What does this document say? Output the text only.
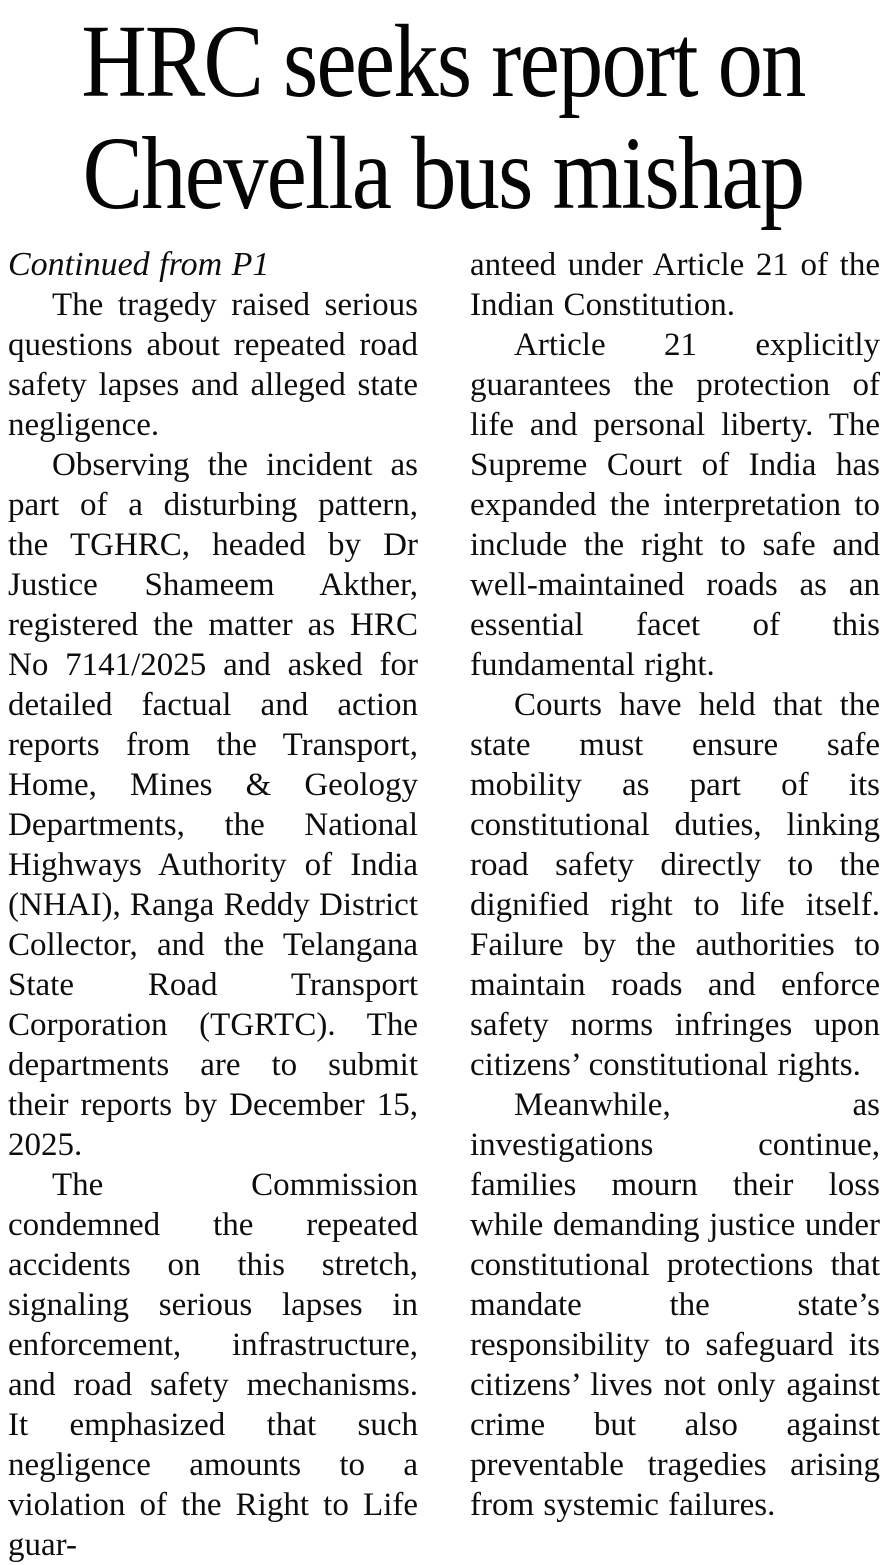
HRC seeks report on
Chevella bus mishap

Continued from P1

The tragedy raised serious questions about repeated road safety lapses and alleged state negligence.

Observing the incident as part of a disturbing pattern, the TGHRC, headed by Dr Justice Shameem Akther, registered the matter as HRC No 7141/2025 and asked for detailed factual and action reports from the Transport, Home, Mines & Geology Departments, the National Highways Authority of India (NHAI), Ranga Reddy District Collector, and the Telangana State Road Transport Corporation (TGRTC). The departments are to submit their reports by December 15, 2025.

The Commission condemned the repeated accidents on this stretch, signaling serious lapses in enforcement, infrastructure, and road safety mechanisms. It emphasized that such negligence amounts to a violation of the Right to Life guar-

anteed under Article 21 of the Indian Constitution.

Article 21 explicitly guarantees the protection of life and personal liberty. The Supreme Court of India has expanded the interpretation to include the right to safe and well-maintained roads as an essential facet of this fundamental right.

Courts have held that the state must ensure safe mobility as part of its constitutional duties, linking road safety directly to the dignified right to life itself. Failure by the authorities to maintain roads and enforce safety norms infringes upon citizens’ constitutional rights.

Meanwhile, as investigations continue, families mourn their loss while demanding justice under constitutional protections that mandate the state’s responsibility to safeguard its citizens’ lives not only against crime but also against preventable tragedies arising from systemic failures.
